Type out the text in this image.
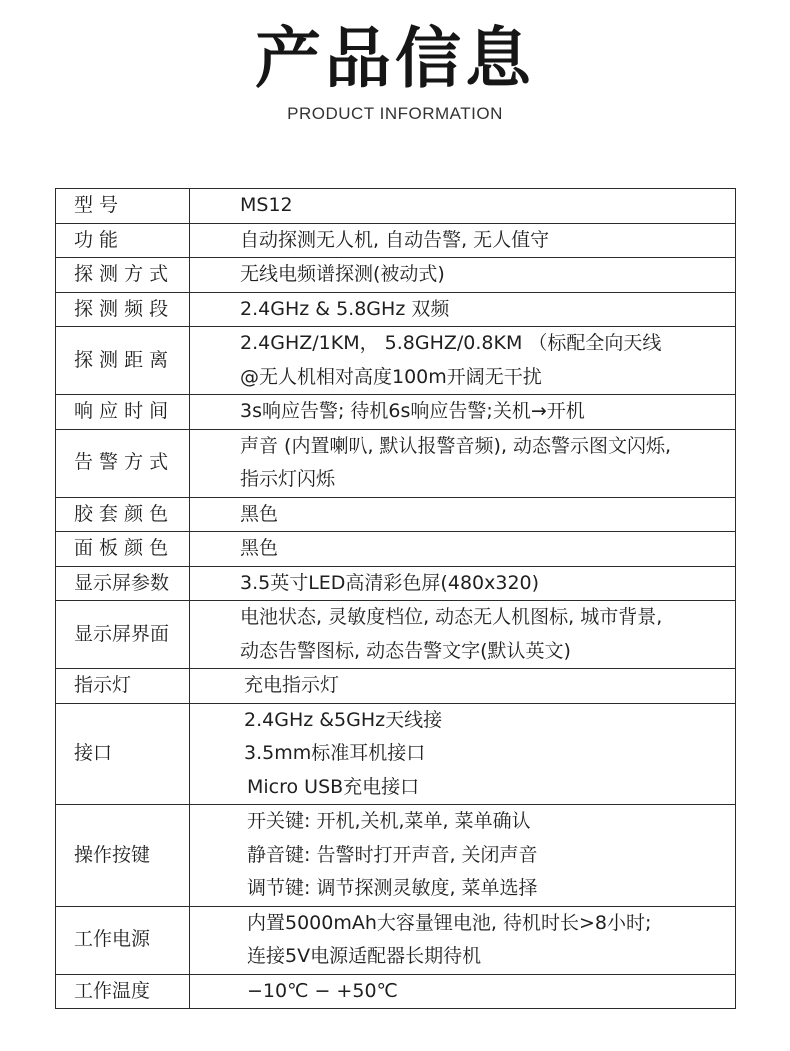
产品信息
PRODUCT INFORMATION
型 号	MS12

功 能	自动探测无人机, 自动告警, 无人值守

探 测 方 式	无线电频谱探测(被动式)

探 测 频 段	2.4GHz & 5.8GHz 双频

探 测 距 离	2.4GHZ/1KM， 5.8GHZ/0.8KM （标配全向天线
@无人机相对高度100m开阔无干扰

响 应 时 间	3s响应告警; 待机6s响应告警;关机→开机

告 警 方 式	声音 (内置喇叭, 默认报警音频), 动态警示图文闪烁,
指示灯闪烁

胶 套 颜 色	黑色

面 板 颜 色	黑色

显示屏参数	3.5英寸LED高清彩色屏(480x320)

显示屏界面	电池状态, 灵敏度档位, 动态无人机图标, 城市背景,
动态告警图标, 动态告警文字(默认英文)

指示灯	充电指示灯

接口	2.4GHz &5GHz天线接
3.5mm标准耳机接口
Micro USB充电接口

操作按键	开关键: 开机,关机,菜单, 菜单确认
静音键: 告警时打开声音, 关闭声音
调节键: 调节探测灵敏度, 菜单选择

工作电源	内置5000mAh大容量锂电池, 待机时长>8小时;
连接5V电源适配器长期待机

工作温度	−10℃ − +50℃
